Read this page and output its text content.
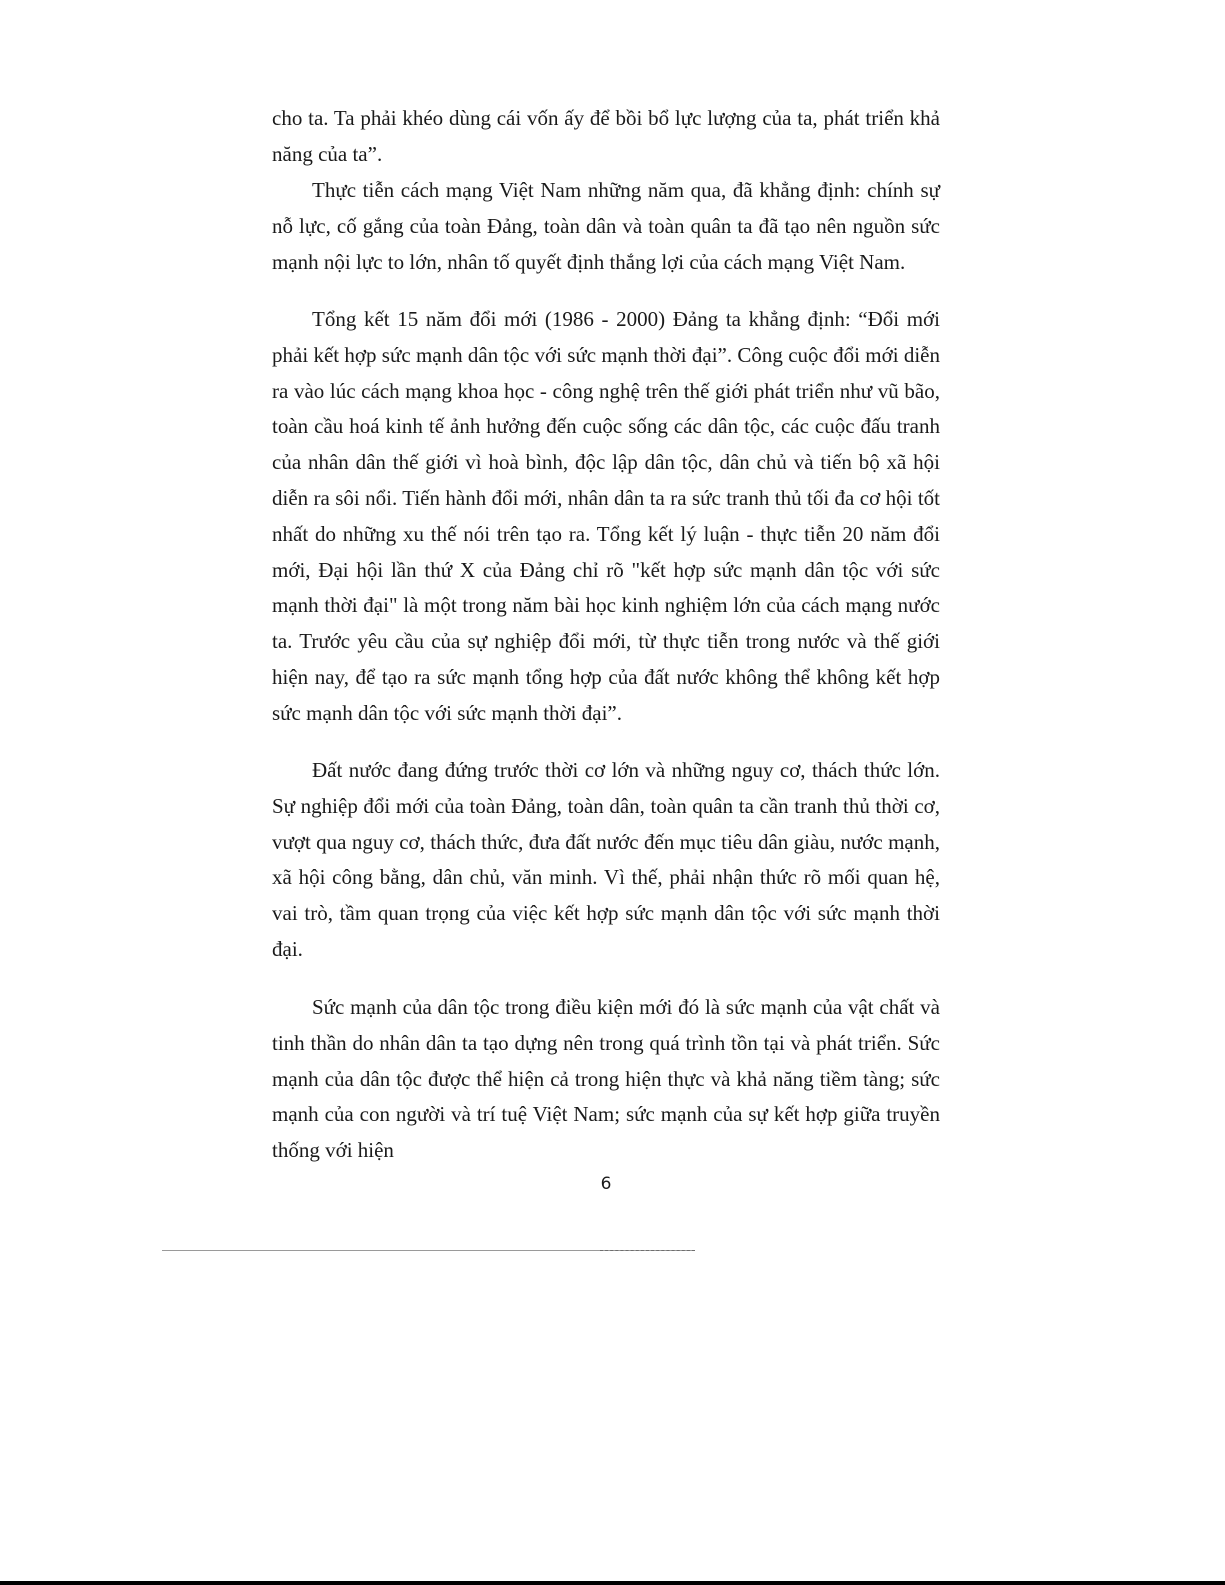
cho ta. Ta phải khéo dùng cái vốn ấy để bồi bổ lực lượng của ta, phát triển khả năng của ta”.

Thực tiễn cách mạng Việt Nam những năm qua, đã khẳng định: chính sự nỗ lực, cố gắng của toàn Đảng, toàn dân và toàn quân ta đã tạo nên nguồn sức mạnh nội lực to lớn, nhân tố quyết định thắng lợi của cách mạng Việt Nam.

Tổng kết 15 năm đổi mới (1986 - 2000) Đảng ta khẳng định: “Đổi mới phải kết hợp sức mạnh dân tộc với sức mạnh thời đại”. Công cuộc đổi mới diễn ra vào lúc cách mạng khoa học - công nghệ trên thế giới phát triển như vũ bão, toàn cầu hoá kinh tế ảnh hưởng đến cuộc sống các dân tộc, các cuộc đấu tranh của nhân dân thế giới vì hoà bình, độc lập dân tộc, dân chủ và tiến bộ xã hội diễn ra sôi nổi. Tiến hành đổi mới, nhân dân ta ra sức tranh thủ tối đa cơ hội tốt nhất do những xu thế nói trên tạo ra. Tổng kết lý luận - thực tiễn 20 năm đổi mới, Đại hội lần thứ X của Đảng chỉ rõ "kết hợp sức mạnh dân tộc với sức mạnh thời đại" là một trong năm bài học kinh nghiệm lớn của cách mạng nước ta. Trước yêu cầu của sự nghiệp đổi mới, từ thực tiễn trong nước và thế giới hiện nay, để tạo ra sức mạnh tổng hợp của đất nước không thể không kết hợp sức mạnh dân tộc với sức mạnh thời đại”.

Đất nước đang đứng trước thời cơ lớn và những nguy cơ, thách thức lớn. Sự nghiệp đổi mới của toàn Đảng, toàn dân, toàn quân ta cần tranh thủ thời cơ, vượt qua nguy cơ, thách thức, đưa đất nước đến mục tiêu dân giàu, nước mạnh, xã hội công bằng, dân chủ, văn minh. Vì thế, phải nhận thức rõ mối quan hệ, vai trò, tầm quan trọng của việc kết hợp sức mạnh dân tộc với sức mạnh thời đại.

Sức mạnh của dân tộc trong điều kiện mới đó là sức mạnh của vật chất và tinh thần do nhân dân ta tạo dựng nên trong quá trình tồn tại và phát triển. Sức mạnh của dân tộc được thể hiện cả trong hiện thực và khả năng tiềm tàng; sức mạnh của con người và trí tuệ Việt Nam; sức mạnh của sự kết hợp giữa truyền thống với hiện

6
